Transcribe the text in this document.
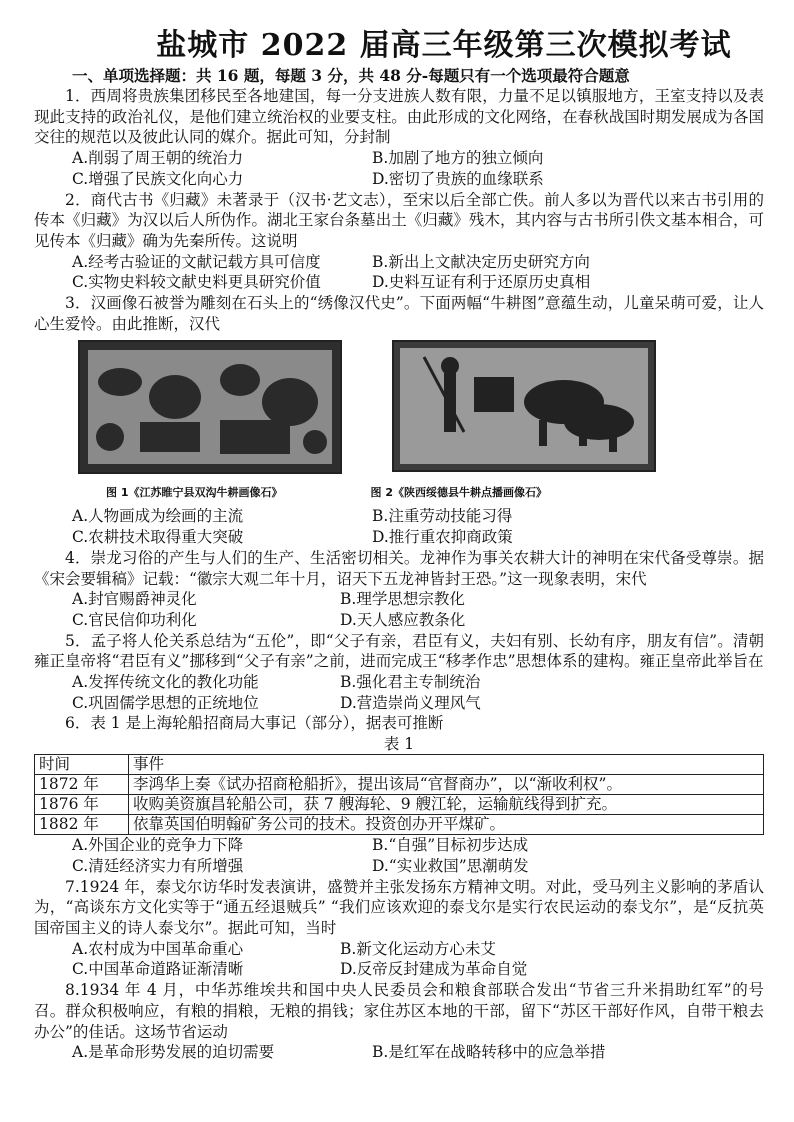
盐城市 2022 届高三年级第三次模拟考试
一、单项选择题：共 16 题，每题 3 分，共 48 分-每题只有一个选项最符合题意

1．西周将贵族集团移民至各地建国，每一分支进族人数有限，力量不足以镇服地方，王室支持以及表现此支持的政治礼仪，是他们建立统治权的业要支柱。由此形成的文化网络，在春秋战国时期发展成为各国交往的规范以及彼此认同的媒介。据此可知，分封制

A.削弱了周王朝的统治力	B.加剧了地方的独立倾向
C.增强了民族文化向心力	D.密切了贵族的血缘联系

2．商代古书《归藏》未著录于（汉书·艺文志），至宋以后全部亡佚。前人多以为晋代以来古书引用的传本《归藏》为汉以后人所伪作。湖北王家台条墓出土《归藏》残木，其内容与古书所引佚文基本相合，可见传本《归藏》确为先秦所传。这说明

A.经考古验证的文献记载方具可信度	B.新出上文献决定历史研究方向
C.实物史料较文献史料更具研究价值	D.史料互证有利于还原历史真相

3．汉画像石被誉为雕刻在石头上的“绣像汉代史”。下面两幅“牛耕图”意蕴生动，儿童呆萌可爱，让人心生爱怜。由此推断，汉代

图 1《江苏睢宁县双沟牛耕画像石》	图 2《陕西绥德县牛耕点播画像石》
A.人物画成为绘画的主流	B.注重劳动技能习得
C.农耕技术取得重大突破	D.推行重农抑商政策

4．崇龙习俗的产生与人们的生产、生活密切相关。龙神作为事关农耕大计的神明在宋代备受尊崇。据《宋会要辑稿》记载：“徽宗大观二年十月，诏天下五龙神皆封王恐。”这一现象表明，宋代

A.封官赐爵神灵化	B.理学思想宗教化
C.官民信仰功利化	D.天人感应教条化

5．孟子将人伦关系总结为“五伦”，即“父子有亲，君臣有义，夫妇有别、长幼有序，朋友有信”。清朝雍正皇帝将“君臣有义”挪移到“父子有亲”之前，进而完成王“移孝作忠”思想体系的建构。雍正皇帝此举旨在

A.发挥传统文化的教化功能	B.强化君主专制统治
C.巩固儒学思想的正统地位	D.营造崇尚义理风气

6．表 1 是上海轮船招商局大事记（部分），据表可推断

表 1
时间	事件
1872 年	李鸿华上奏《试办招商枪船折》，提出该局“官督商办”，以“渐收利权”。
1876 年	收购美资旗昌轮船公司，获 7 艘海轮、9 艘江轮，运输航线得到扩充。
1882 年	依靠英国伯明翰矿务公司的技术。投资创办开平煤矿。
A.外国企业的竞争力下降	B.“自强”目标初步达成
C.清廷经济实力有所增强	D.“实业救国”思潮萌发

7.1924 年，泰戈尔访华时发表演讲，盛赞并主张发扬东方精神文明。对此，受马列主义影响的茅盾认为，“高谈东方文化实等于“通五经退贼兵” “我们应该欢迎的泰戈尔是实行农民运动的泰戈尔”，是“反抗英国帝国主义的诗人泰戈尔”。据此可知，当时

A.农村成为中国革命重心	B.新文化运动方心未艾
C.中国革命道路证渐清晰	D.反帝反封建成为革命自觉

8.1934 年 4 月，中华苏维埃共和国中央人民委员会和粮食部联合发出“节省三升米捐助红军”的号召。群众积极响应，有粮的捐粮，无粮的捐钱；家住苏区本地的干部，留下“苏区干部好作风，自带干粮去办公”的佳话。这场节省运动

A.是革命形势发展的迫切需要	B.是红军在战略转移中的应急举措
